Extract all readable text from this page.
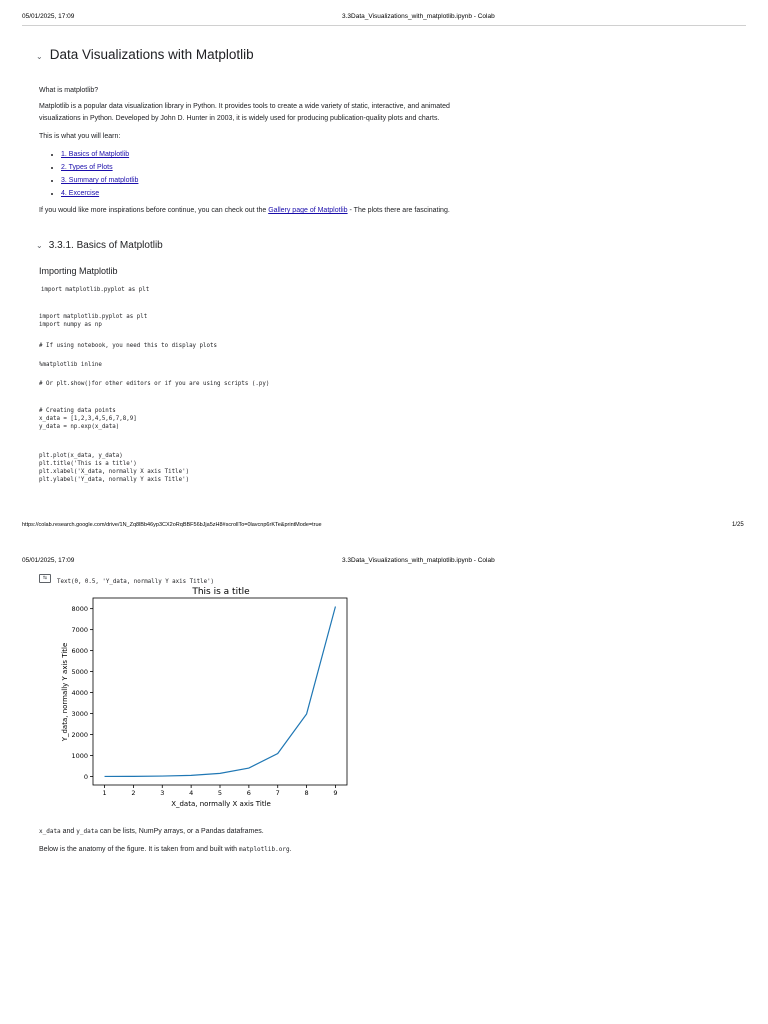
05/01/2025, 17:09	3.3Data_Visualizations_with_matplotlib.ipynb - Colab
⌄ Data Visualizations with Matplotlib
What is matplotlib?
Matplotlib is a popular data visualization library in Python. It provides tools to create a wide variety of static, interactive, and animated
visualizations in Python. Developed by John D. Hunter in 2003, it is widely used for producing publication-quality plots and charts.
This is what you will learn:
• 1. Basics of Matplotlib
• 2. Types of Plots
• 3. Summary of matplotlib
• 4. Excercise
If you would like more inspirations before continue, you can check out the Gallery page of Matplotlib - The plots there are fascinating.
⌄ 3.3.1. Basics of Matplotlib
Importing Matplotlib
import matplotlib.pyplot as plt
import matplotlib.pyplot as plt
import numpy as np
# If using notebook, you need this to display plots
%matplotlib inline
# Or plt.show()for other editors or if you are using scripts (.py)
# Creating data points
x_data = [1,2,3,4,5,6,7,8,9]
y_data = np.exp(x_data)
plt.plot(x_data, y_data)
plt.title('This is a title')
plt.xlabel('X_data, normally X axis Title')
plt.ylabel('Y_data, normally Y axis Title')
https://colab.research.google.com/drive/1N_Zq8lBb46yp3CX2oRqBBF56bJja5zH8#scrollTo=0lavcnp6rKTe&printMode=true	1/25
05/01/2025, 17:09	3.3Data_Visualizations_with_matplotlib.ipynb - Colab
↹Text(0, 0.5, 'Y_data, normally Y axis Title')
This is a title
0
1000
2000
3000
4000
5000
6000
7000
8000
1	2	3	4	5	6	7	8	9
X_data, normally X axis Title
Y_data, normally Y axis Title
x_data and y_data can be lists, NumPy arrays, or a Pandas dataframes.
Below is the anatomy of the figure. It is taken from and built with matplotlib.org.
